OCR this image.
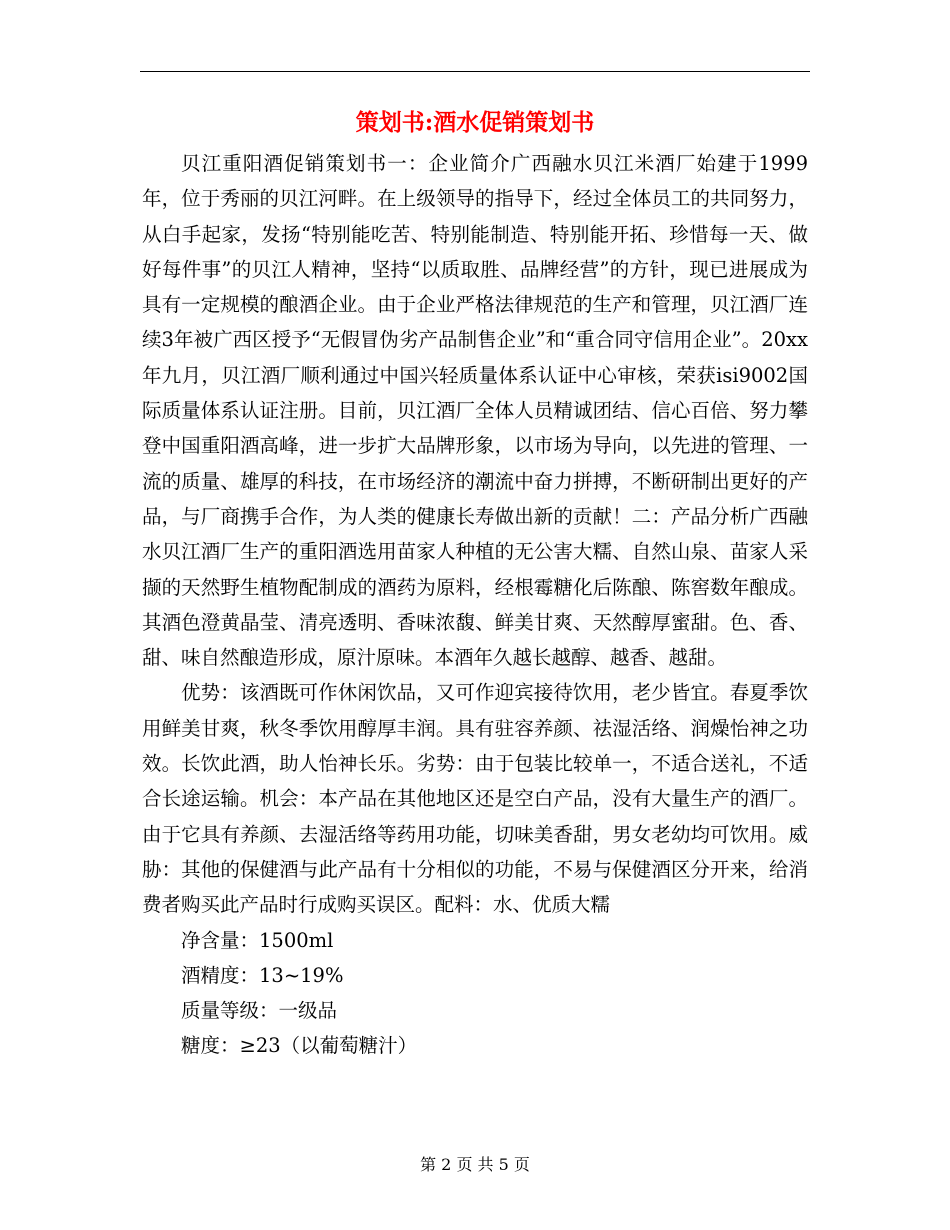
策划书:酒水促销策划书

贝江重阳酒促销策划书一：企业简介广西融水贝江米酒厂始建于1999年，位于秀丽的贝江河畔。在上级领导的指导下，经过全体员工的共同努力，从白手起家，发扬“特别能吃苦、特别能制造、特别能开拓、珍惜每一天、做好每件事”的贝江人精神，坚持“以质取胜、品牌经营”的方针，现已进展成为具有一定规模的酿酒企业。由于企业严格法律规范的生产和管理，贝江酒厂连续3年被广西区授予“无假冒伪劣产品制售企业”和“重合同守信用企业”。20xx年九月，贝江酒厂顺利通过中国兴轻质量体系认证中心审核，荣获isi9002国际质量体系认证注册。目前，贝江酒厂全体人员精诚团结、信心百倍、努力攀登中国重阳酒高峰，进一步扩大品牌形象，以市场为导向，以先进的管理、一流的质量、雄厚的科技，在市场经济的潮流中奋力拼搏，不断研制出更好的产品，与厂商携手合作，为人类的健康长寿做出新的贡献！二：产品分析广西融水贝江酒厂生产的重阳酒选用苗家人种植的无公害大糯、自然山泉、苗家人采撷的天然野生植物配制成的酒药为原料，经根霉糖化后陈酿、陈窖数年酿成。其酒色澄黄晶莹、清亮透明、香味浓馥、鲜美甘爽、天然醇厚蜜甜。色、香、甜、味自然酿造形成，原汁原味。本酒年久越长越醇、越香、越甜。

优势：该酒既可作休闲饮品，又可作迎宾接待饮用，老少皆宜。春夏季饮用鲜美甘爽，秋冬季饮用醇厚丰润。具有驻容养颜、祛湿活络、润燥怡神之功效。长饮此酒，助人怡神长乐。劣势：由于包装比较单一，不适合送礼，不适合长途运输。机会：本产品在其他地区还是空白产品，没有大量生产的酒厂。由于它具有养颜、去湿活络等药用功能，切味美香甜，男女老幼均可饮用。威胁：其他的保健酒与此产品有十分相似的功能，不易与保健酒区分开来，给消费者购买此产品时行成购买误区。配料：水、优质大糯

净含量：1500ml

酒精度：13~19%

质量等级：一级品

糖度：≥23（以葡萄糖汁）

第 2 页 共 5 页
